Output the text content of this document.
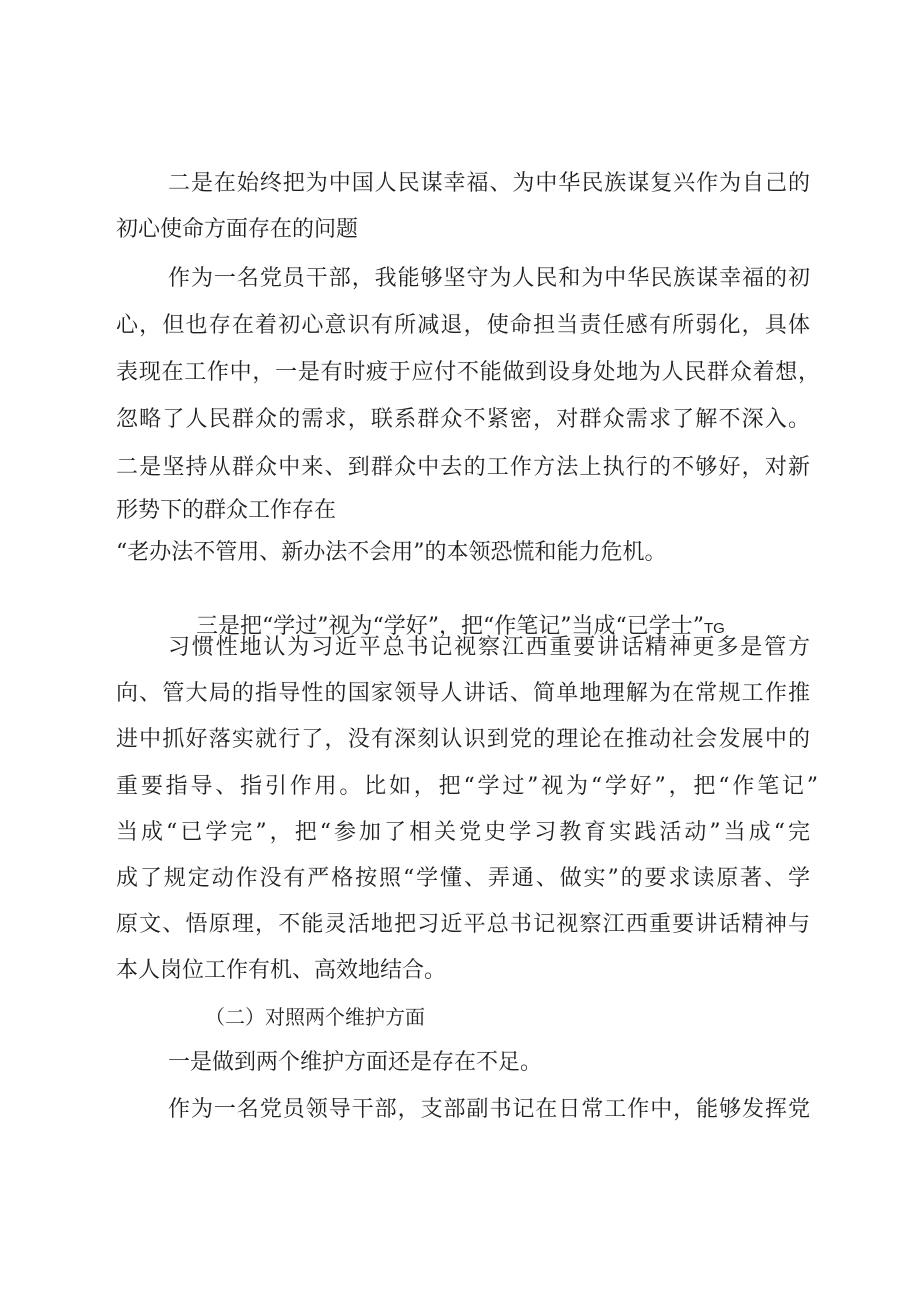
二是在始终把为中国人民谋幸福、为中华民族谋复兴作为自己的
初心使命方面存在的问题
作为一名党员干部，我能够坚守为人民和为中华民族谋幸福的初
心，但也存在着初心意识有所减退，使命担当责任感有所弱化，具体
表现在工作中，一是有时疲于应付不能做到设身处地为人民群众着想，
忽略了人民群众的需求，联系群众不紧密，对群众需求了解不深入。
二是坚持从群众中来、到群众中去的工作方法上执行的不够好，对新
形势下的群众工作存在
“老办法不管用、新办法不会用”的本领恐慌和能力危机。

三是把“学过”视为“学好”，把“作笔记”当成“已学士”TG

习惯性地认为习近平总书记视察江西重要讲话精神更多是管方
向、管大局的指导性的国家领导人讲话、简单地理解为在常规工作推
进中抓好落实就行了，没有深刻认识到党的理论在推动社会发展中的
重要指导、指引作用。比如，把“学过”视为“学好”，把“作笔记”
当成“已学完”，把“参加了相关党史学习教育实践活动”当成“完
成了规定动作没有严格按照“学懂、弄通、做实”的要求读原著、学
原文、悟原理，不能灵活地把习近平总书记视察江西重要讲话精神与
本人岗位工作有机、高效地结合。
（二）对照两个维护方面
一是做到两个维护方面还是存在不足。
作为一名党员领导干部，支部副书记在日常工作中，能够发挥党
